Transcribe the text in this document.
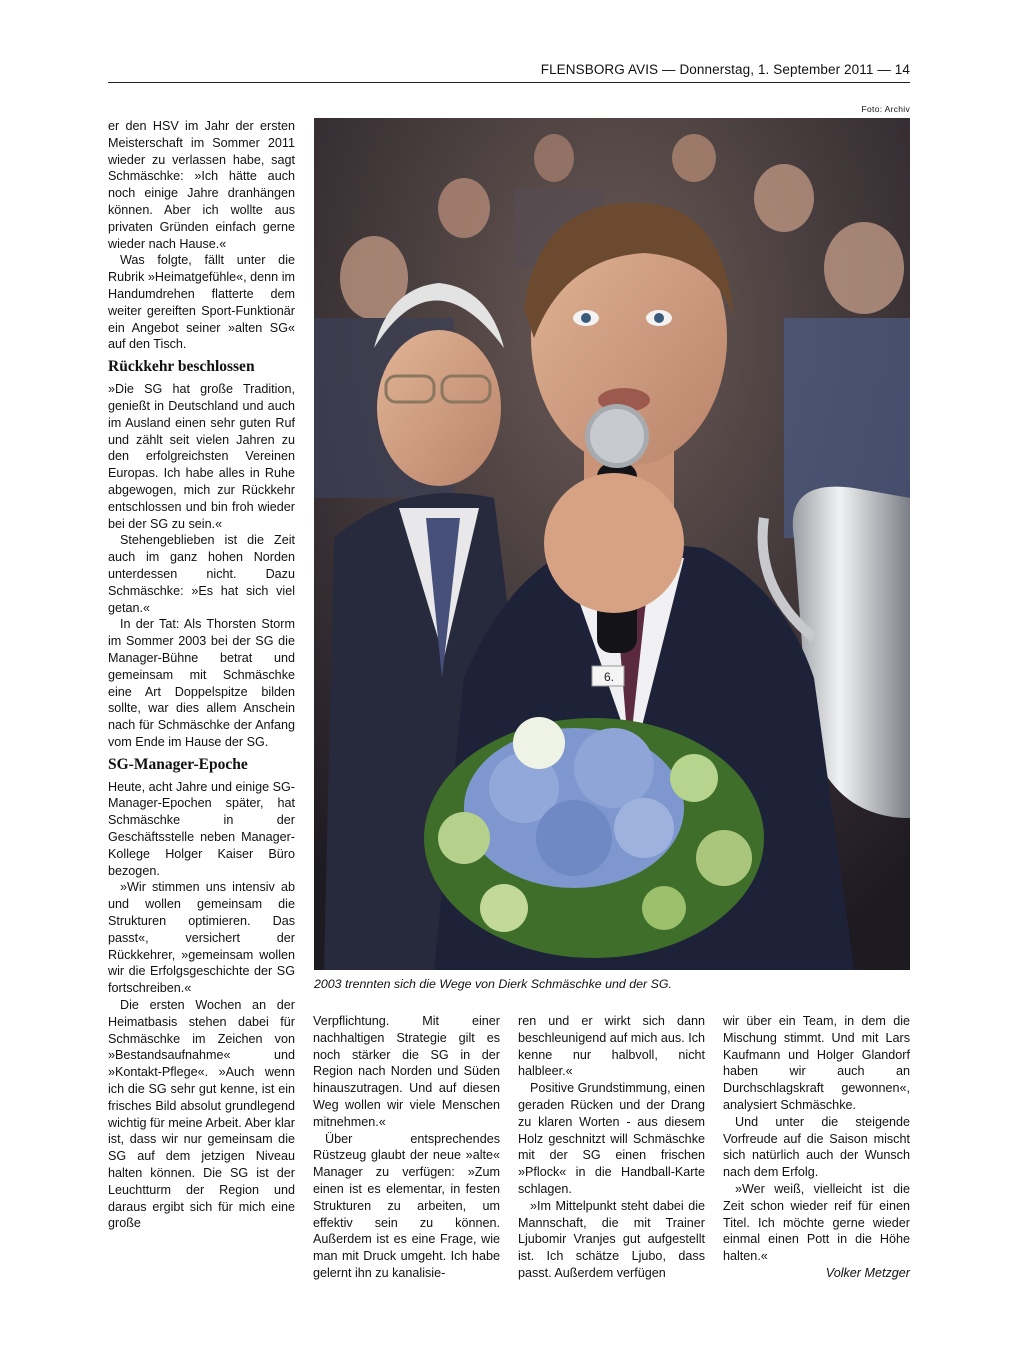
FLENSBORG AVIS — Donnerstag, 1. September 2011 — 14
Foto: Archiv

er den HSV im Jahr der ersten Meisterschaft im Sommer 2011 wieder zu verlassen habe, sagt Schmäschke: »Ich hätte auch noch einige Jahre dranhängen können. Aber ich wollte aus privaten Gründen einfach gerne wieder nach Hause.«

Was folgte, fällt unter die Rubrik »Heimatgefühle«, denn im Handumdrehen flatterte dem weiter gereiften Sport-Funktionär ein Angebot seiner »alten SG« auf den Tisch.

Rückkehr beschlossen

»Die SG hat große Tradition, genießt in Deutschland und auch im Ausland einen sehr guten Ruf und zählt seit vielen Jahren zu den erfolgreichsten Vereinen Europas. Ich habe alles in Ruhe abgewogen, mich zur Rückkehr entschlossen und bin froh wieder bei der SG zu sein.«

Stehengeblieben ist die Zeit auch im ganz hohen Norden unterdessen nicht. Dazu Schmäschke: »Es hat sich viel getan.«

In der Tat: Als Thorsten Storm im Sommer 2003 bei der SG die Manager-Bühne betrat und gemeinsam mit Schmäschke eine Art Doppelspitze bilden sollte, war dies allem Anschein nach für Schmäschke der Anfang vom Ende im Hause der SG.

SG-Manager-Epoche

Heute, acht Jahre und einige SG-Manager-Epochen später, hat Schmäschke in der Geschäftsstelle neben Manager-Kollege Holger Kaiser Büro bezogen.

»Wir stimmen uns intensiv ab und wollen gemeinsam die Strukturen optimieren. Das passt«, versichert der Rückkehrer, »gemeinsam wollen wir die Erfolgsgeschichte der SG fortschreiben.«

Die ersten Wochen an der Heimatbasis stehen dabei für Schmäschke im Zeichen von »Bestandsaufnahme« und »Kontakt-Pflege«. »Auch wenn ich die SG sehr gut kenne, ist ein frisches Bild absolut grundlegend wichtig für meine Arbeit. Aber klar ist, dass wir nur gemeinsam die SG auf dem jetzigen Niveau halten können. Die SG ist der Leuchtturm der Region und daraus ergibt sich für mich eine große

6.
2003 trennten sich die Wege von Dierk Schmäschke und der SG.

Verpflichtung. Mit einer nachhaltigen Strategie gilt es noch stärker die SG in der Region nach Norden und Süden hinauszutragen. Und auf diesen Weg wollen wir viele Menschen mitnehmen.«

Über entsprechendes Rüstzeug glaubt der neue »alte« Manager zu verfügen: »Zum einen ist es elementar, in festen Strukturen zu arbeiten, um effektiv sein zu können. Außerdem ist es eine Frage, wie man mit Druck umgeht. Ich habe gelernt ihn zu kanalisie-

ren und er wirkt sich dann beschleunigend auf mich aus. Ich kenne nur halbvoll, nicht halbleer.«

Positive Grundstimmung, einen geraden Rücken und der Drang zu klaren Worten - aus diesem Holz geschnitzt will Schmäschke mit der SG einen frischen »Pflock« in die Handball-Karte schlagen.

»Im Mittelpunkt steht dabei die Mannschaft, die mit Trainer Ljubomir Vranjes gut aufgestellt ist. Ich schätze Ljubo, dass passt. Außerdem verfügen

wir über ein Team, in dem die Mischung stimmt. Und mit Lars Kaufmann und Holger Glandorf haben wir auch an Durchschlagskraft gewonnen«, analysiert Schmäschke.

Und unter die steigende Vorfreude auf die Saison mischt sich natürlich auch der Wunsch nach dem Erfolg.

»Wer weiß, vielleicht ist die Zeit schon wieder reif für einen Titel. Ich möchte gerne wieder einmal einen Pott in die Höhe halten.«

Volker Metzger
